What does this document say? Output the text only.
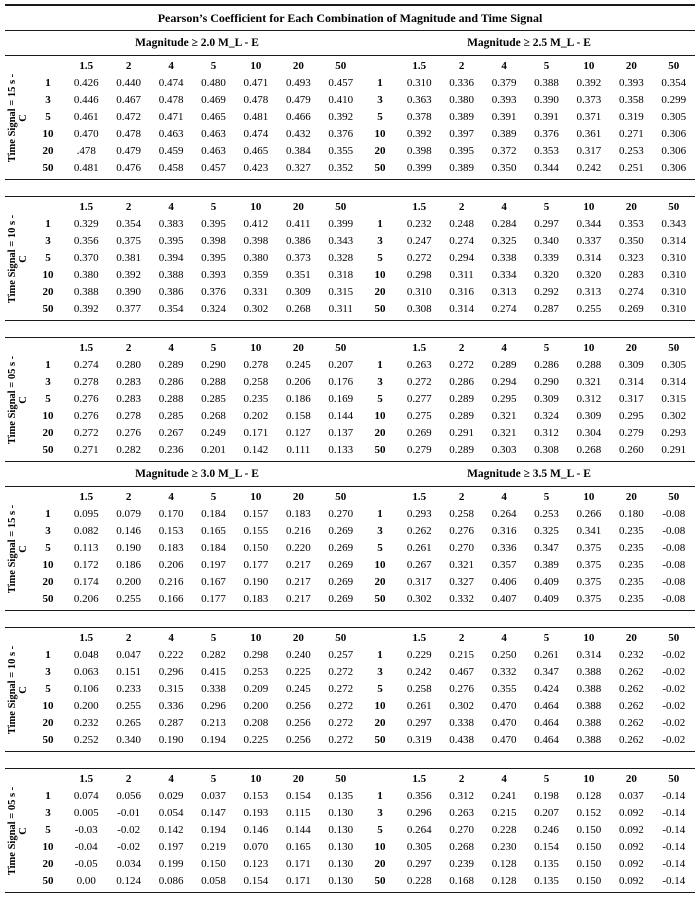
Pearson’s Coefficient for Each Combination of Magnitude and Time Signal
Magnitude ≥ 2.0 M_L - E	Magnitude ≥ 2.5 M_L - E
Time Signal = 15 s - C
1.5	2	4	5	10	20	50	1.5	2	4	5	10	20	50
1	0.426	0.440	0.474	0.480	0.471	0.493	0.457	1	0.310	0.336	0.379	0.388	0.392	0.393	0.354
3	0.446	0.467	0.478	0.469	0.478	0.479	0.410	3	0.363	0.380	0.393	0.390	0.373	0.358	0.299
5	0.461	0.472	0.471	0.465	0.481	0.466	0.392	5	0.378	0.389	0.391	0.391	0.371	0.319	0.305
10	0.470	0.478	0.463	0.463	0.474	0.432	0.376	10	0.392	0.397	0.389	0.376	0.361	0.271	0.306
20	.478	0.479	0.459	0.463	0.465	0.384	0.355	20	0.398	0.395	0.372	0.353	0.317	0.253	0.306
50	0.481	0.476	0.458	0.457	0.423	0.327	0.352	50	0.399	0.389	0.350	0.344	0.242	0.251	0.306
Time Signal = 10 s - C
1.5	2	4	5	10	20	50	1.5	2	4	5	10	20	50
1	0.329	0.354	0.383	0.395	0.412	0.411	0.399	1	0.232	0.248	0.284	0.297	0.344	0.353	0.343
3	0.356	0.375	0.395	0.398	0.398	0.386	0.343	3	0.247	0.274	0.325	0.340	0.337	0.350	0.314
5	0.370	0.381	0.394	0.395	0.380	0.373	0.328	5	0.272	0.294	0.338	0.339	0.314	0.323	0.310
10	0.380	0.392	0.388	0.393	0.359	0.351	0.318	10	0.298	0.311	0.334	0.320	0.320	0.283	0.310
20	0.388	0.390	0.386	0.376	0.331	0.309	0.315	20	0.310	0.316	0.313	0.292	0.313	0.274	0.310
50	0.392	0.377	0.354	0.324	0.302	0.268	0.311	50	0.308	0.314	0.274	0.287	0.255	0.269	0.310
Time Signal = 05 s - C
1.5	2	4	5	10	20	50	1.5	2	4	5	10	20	50
1	0.274	0.280	0.289	0.290	0.278	0.245	0.207	1	0.263	0.272	0.289	0.286	0.288	0.309	0.305
3	0.278	0.283	0.286	0.288	0.258	0.206	0.176	3	0.272	0.286	0.294	0.290	0.321	0.314	0.314
5	0.276	0.283	0.288	0.285	0.235	0.186	0.169	5	0.277	0.289	0.295	0.309	0.312	0.317	0.315
10	0.276	0.278	0.285	0.268	0.202	0.158	0.144	10	0.275	0.289	0.321	0.324	0.309	0.295	0.302
20	0.272	0.276	0.267	0.249	0.171	0.127	0.137	20	0.269	0.291	0.321	0.312	0.304	0.279	0.293
50	0.271	0.282	0.236	0.201	0.142	0.111	0.133	50	0.279	0.289	0.303	0.308	0.268	0.260	0.291
Magnitude ≥ 3.0 M_L - E	Magnitude ≥ 3.5 M_L - E
Time Signal = 15 s - C
1.5	2	4	5	10	20	50	1.5	2	4	5	10	20	50
1	0.095	0.079	0.170	0.184	0.157	0.183	0.270	1	0.293	0.258	0.264	0.253	0.266	0.180	-0.08
3	0.082	0.146	0.153	0.165	0.155	0.216	0.269	3	0.262	0.276	0.316	0.325	0.341	0.235	-0.08
5	0.113	0.190	0.183	0.184	0.150	0.220	0.269	5	0.261	0.270	0.336	0.347	0.375	0.235	-0.08
10	0.172	0.186	0.206	0.197	0.177	0.217	0.269	10	0.267	0.321	0.357	0.389	0.375	0.235	-0.08
20	0.174	0.200	0.216	0.167	0.190	0.217	0.269	20	0.317	0.327	0.406	0.409	0.375	0.235	-0.08
50	0.206	0.255	0.166	0.177	0.183	0.217	0.269	50	0.302	0.332	0.407	0.409	0.375	0.235	-0.08
Time Signal = 10 s - C
1.5	2	4	5	10	20	50	1.5	2	4	5	10	20	50
1	0.048	0.047	0.222	0.282	0.298	0.240	0.257	1	0.229	0.215	0.250	0.261	0.314	0.232	-0.02
3	0.063	0.151	0.296	0.415	0.253	0.225	0.272	3	0.242	0.467	0.332	0.347	0.388	0.262	-0.02
5	0.106	0.233	0.315	0.338	0.209	0.245	0.272	5	0.258	0.276	0.355	0.424	0.388	0.262	-0.02
10	0.200	0.255	0.336	0.296	0.200	0.256	0.272	10	0.261	0.302	0.470	0.464	0.388	0.262	-0.02
20	0.232	0.265	0.287	0.213	0.208	0.256	0.272	20	0.297	0.338	0.470	0.464	0.388	0.262	-0.02
50	0.252	0.340	0.190	0.194	0.225	0.256	0.272	50	0.319	0.438	0.470	0.464	0.388	0.262	-0.02
Time Signal = 05 s - C
1.5	2	4	5	10	20	50	1.5	2	4	5	10	20	50
1	0.074	0.056	0.029	0.037	0.153	0.154	0.135	1	0.356	0.312	0.241	0.198	0.128	0.037	-0.14
3	0.005	-0.01	0.054	0.147	0.193	0.115	0.130	3	0.296	0.263	0.215	0.207	0.152	0.092	-0.14
5	-0.03	-0.02	0.142	0.194	0.146	0.144	0.130	5	0.264	0.270	0.228	0.246	0.150	0.092	-0.14
10	-0.04	-0.02	0.197	0.219	0.070	0.165	0.130	10	0.305	0.268	0.230	0.154	0.150	0.092	-0.14
20	-0.05	0.034	0.199	0.150	0.123	0.171	0.130	20	0.297	0.239	0.128	0.135	0.150	0.092	-0.14
50	0.00	0.124	0.086	0.058	0.154	0.171	0.130	50	0.228	0.168	0.128	0.135	0.150	0.092	-0.14
